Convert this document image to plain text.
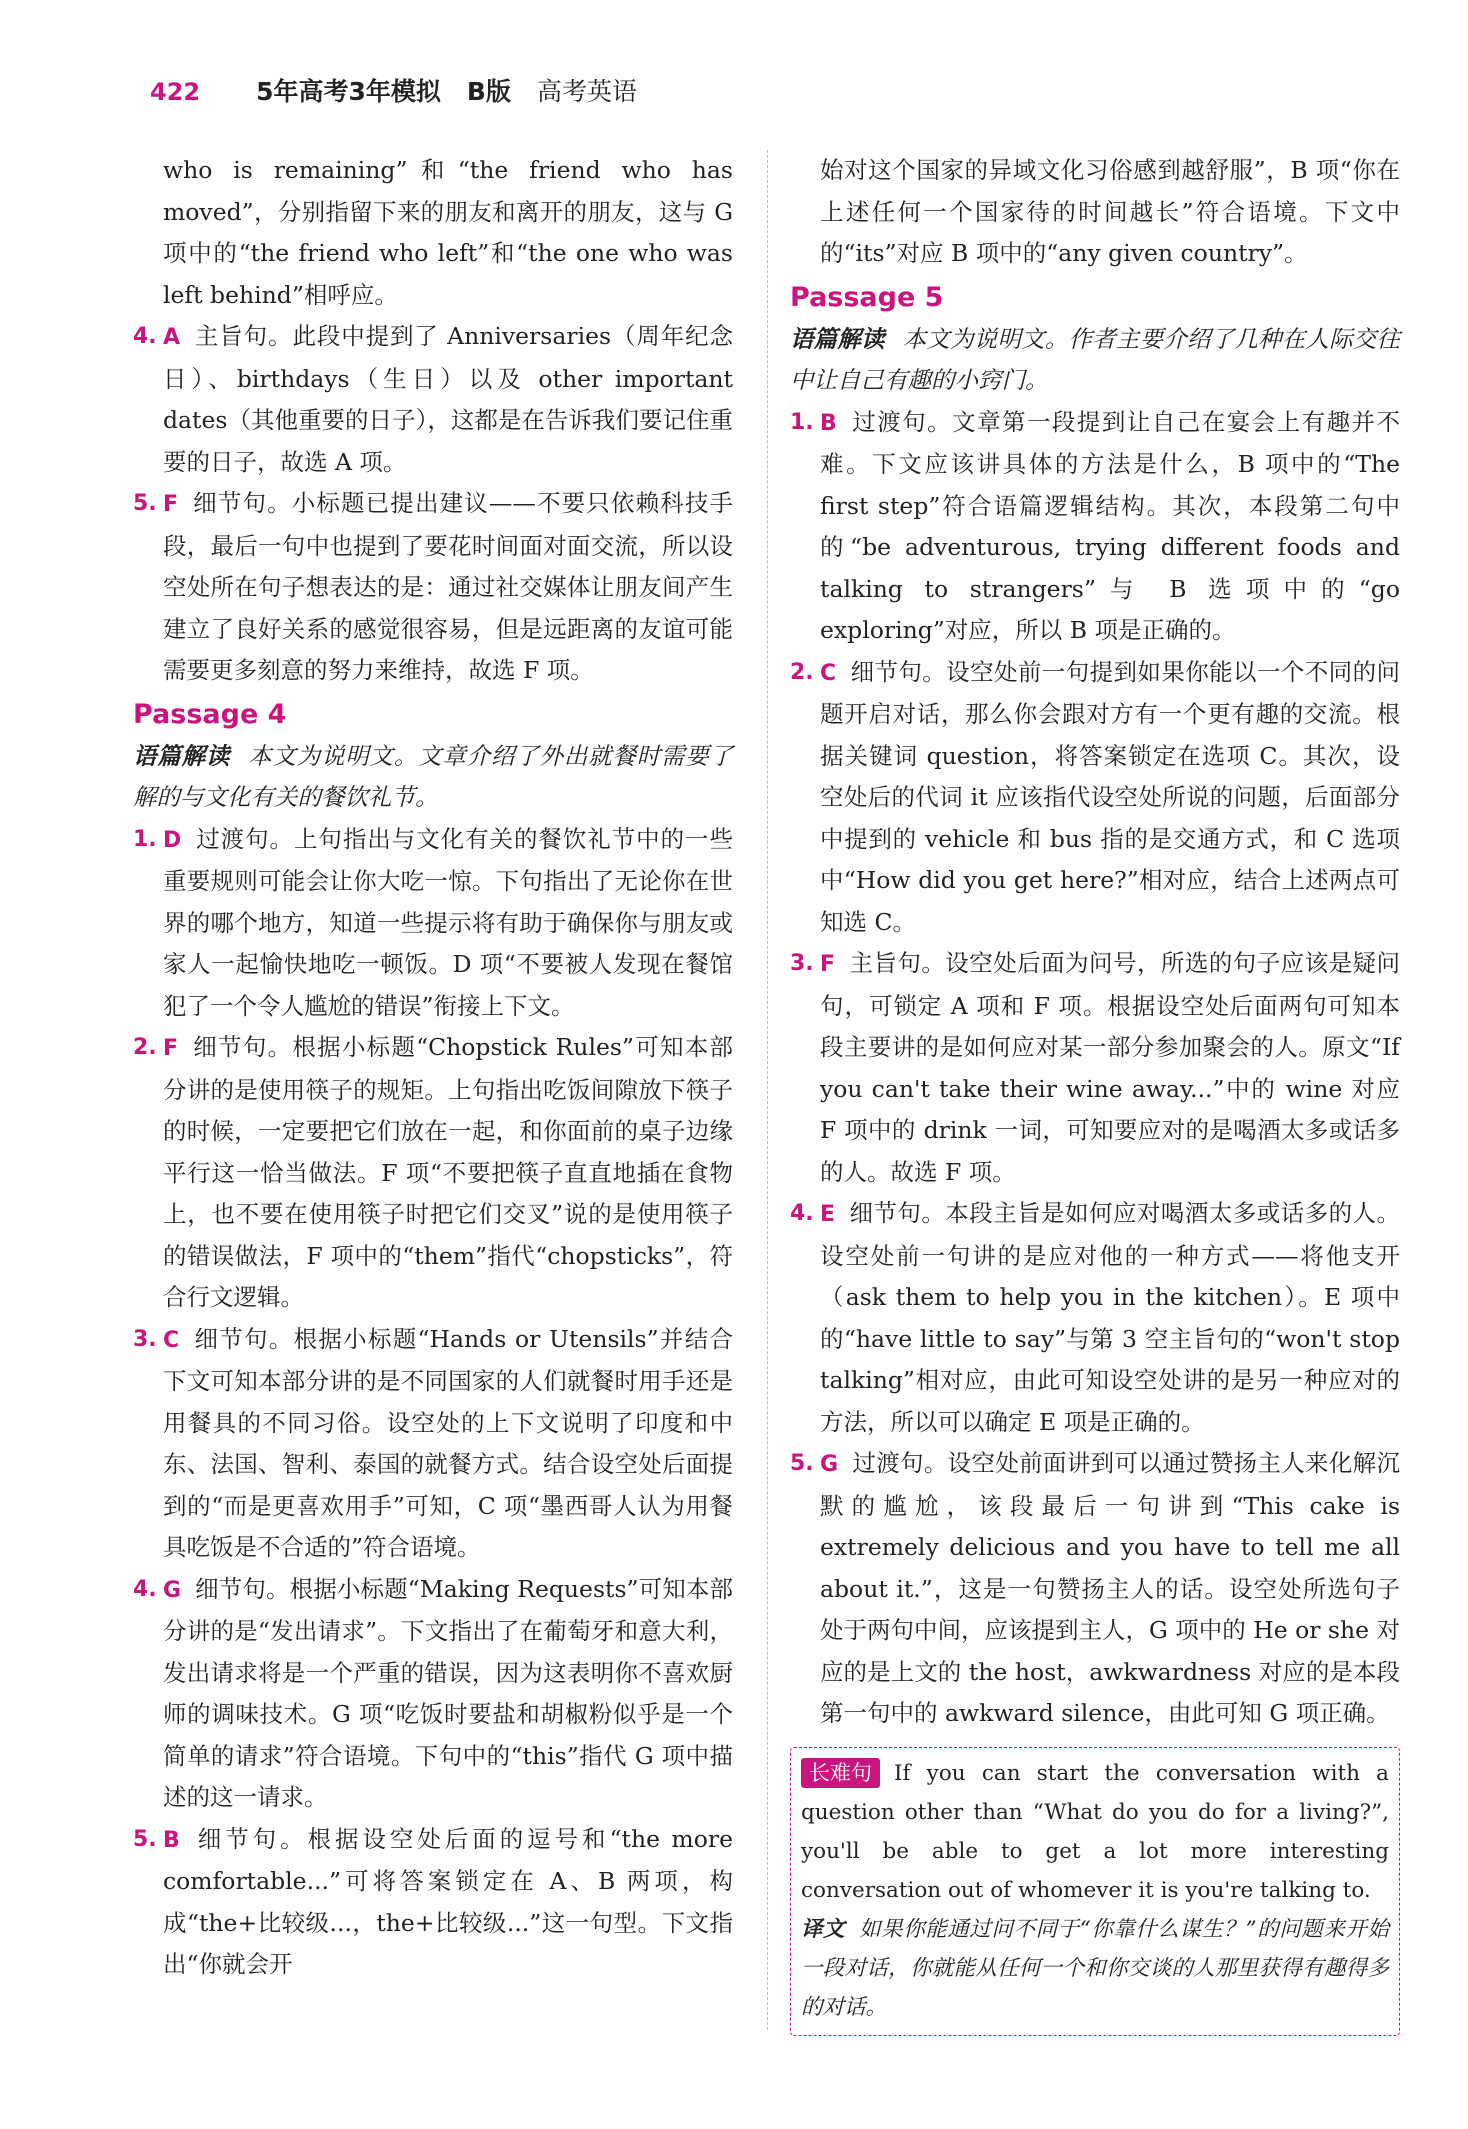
422 5年高考3年模拟 B版 高考英语
who is remaining”和“the friend who has moved”，分别指留下来的朋友和离开的朋友，这与 G 项中的“the friend who left”和“the one who was left behind”相呼应。
4. A 主旨句。此段中提到了 Anniversaries（周年纪念日）、birthdays（生日）以及 other important dates（其他重要的日子），这都是在告诉我们要记住重要的日子，故选 A 项。
5. F 细节句。小标题已提出建议——不要只依赖科技手段，最后一句中也提到了要花时间面对面交流，所以设空处所在句子想表达的是：通过社交媒体让朋友间产生建立了良好关系的感觉很容易，但是远距离的友谊可能需要更多刻意的努力来维持，故选 F 项。
Passage 4
语篇解读 本文为说明文。文章介绍了外出就餐时需要了解的与文化有关的餐饮礼节。
1. D 过渡句。上句指出与文化有关的餐饮礼节中的一些重要规则可能会让你大吃一惊。下句指出了无论你在世界的哪个地方，知道一些提示将有助于确保你与朋友或家人一起愉快地吃一顿饭。D 项“不要被人发现在餐馆犯了一个令人尴尬的错误”衔接上下文。
2. F 细节句。根据小标题“Chopstick Rules”可知本部分讲的是使用筷子的规矩。上句指出吃饭间隙放下筷子的时候，一定要把它们放在一起，和你面前的桌子边缘平行这一恰当做法。F 项“不要把筷子直直地插在食物上，也不要在使用筷子时把它们交叉”说的是使用筷子的错误做法，F 项中的“them”指代“chopsticks”，符合行文逻辑。
3. C 细节句。根据小标题“Hands or Utensils”并结合下文可知本部分讲的是不同国家的人们就餐时用手还是用餐具的不同习俗。设空处的上下文说明了印度和中东、法国、智利、泰国的就餐方式。结合设空处后面提到的“而是更喜欢用手”可知，C 项“墨西哥人认为用餐具吃饭是不合适的”符合语境。
4. G 细节句。根据小标题“Making Requests”可知本部分讲的是“发出请求”。下文指出了在葡萄牙和意大利，发出请求将是一个严重的错误，因为这表明你不喜欢厨师的调味技术。G 项“吃饭时要盐和胡椒粉似乎是一个简单的请求”符合语境。下句中的“this”指代 G 项中描述的这一请求。
5. B 细节句。根据设空处后面的逗号和“the more comfortable...”可将答案锁定在 A、B 两项，构成“the+比较级...，the+比较级...”这一句型。下文指出“你就会开
始对这个国家的异域文化习俗感到越舒服”，B 项“你在上述任何一个国家待的时间越长”符合语境。下文中的“its”对应 B 项中的“any given country”。
Passage 5
语篇解读 本文为说明文。作者主要介绍了几种在人际交往中让自己有趣的小窍门。
1. B 过渡句。文章第一段提到让自己在宴会上有趣并不难。下文应该讲具体的方法是什么，B 项中的“The first step”符合语篇逻辑结构。其次，本段第二句中的“be adventurous, trying different foods and talking to strangers”与 B 选项中的“go exploring”对应，所以 B 项是正确的。
2. C 细节句。设空处前一句提到如果你能以一个不同的问题开启对话，那么你会跟对方有一个更有趣的交流。根据关键词 question，将答案锁定在选项 C。其次，设空处后的代词 it 应该指代设空处所说的问题，后面部分中提到的 vehicle 和 bus 指的是交通方式，和 C 选项中“How did you get here?”相对应，结合上述两点可知选 C。
3. F 主旨句。设空处后面为问号，所选的句子应该是疑问句，可锁定 A 项和 F 项。根据设空处后面两句可知本段主要讲的是如何应对某一部分参加聚会的人。原文“If you can't take their wine away...”中的 wine 对应 F 项中的 drink 一词，可知要应对的是喝酒太多或话多的人。故选 F 项。
4. E 细节句。本段主旨是如何应对喝酒太多或话多的人。设空处前一句讲的是应对他的一种方式——将他支开（ask them to help you in the kitchen）。E 项中的“have little to say”与第 3 空主旨句的“won't stop talking”相对应，由此可知设空处讲的是另一种应对的方法，所以可以确定 E 项是正确的。
5. G 过渡句。设空处前面讲到可以通过赞扬主人来化解沉默的尴尬，该段最后一句讲到“This cake is extremely delicious and you have to tell me all about it.”，这是一句赞扬主人的话。设空处所选句子处于两句中间，应该提到主人，G 项中的 He or she 对应的是上文的 the host，awkwardness 对应的是本段第一句中的 awkward silence，由此可知 G 项正确。
长难句 If you can start the conversation with a question other than “What do you do for a living?”, you'll be able to get a lot more interesting conversation out of whomever it is you're talking to.
译文 如果你能通过问不同于“你靠什么谋生？”的问题来开始一段对话，你就能从任何一个和你交谈的人那里获得有趣得多的对话。
